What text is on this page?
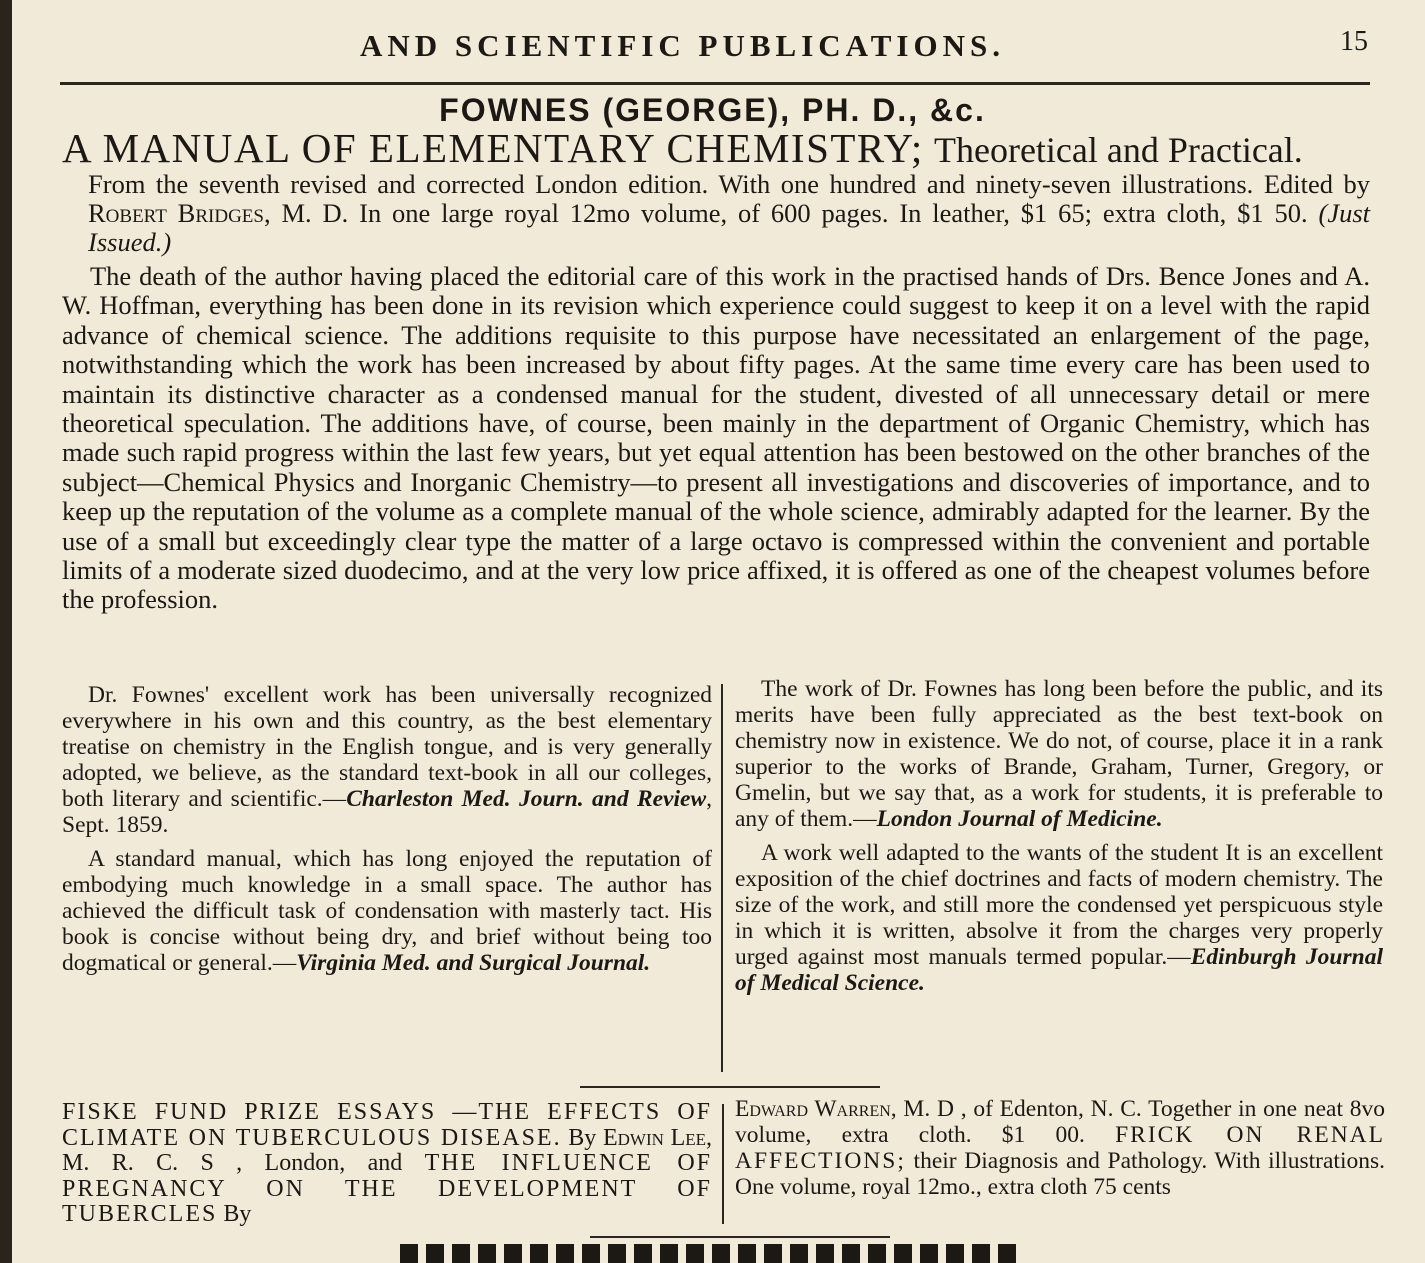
AND SCIENTIFIC PUBLICATIONS.	15
FOWNES (GEORGE), PH. D., &c.
A MANUAL OF ELEMENTARY CHEMISTRY; Theoretical and Practical.
From the seventh revised and corrected London edition. With one hundred and ninety-seven illustrations. Edited by Robert Bridges, M. D. In one large royal 12mo volume, of 600 pages. In leather, $1 65; extra cloth, $1 50. (Just Issued.)

The death of the author having placed the editorial care of this work in the practised hands of Drs. Bence Jones and A. W. Hoffman, everything has been done in its revision which experience could suggest to keep it on a level with the rapid advance of chemical science. The additions requisite to this purpose have necessitated an enlargement of the page, notwithstanding which the work has been increased by about fifty pages. At the same time every care has been used to maintain its distinctive character as a condensed manual for the student, divested of all unnecessary detail or mere theoretical speculation. The additions have, of course, been mainly in the department of Organic Chemistry, which has made such rapid progress within the last few years, but yet equal attention has been bestowed on the other branches of the subject—Chemical Physics and Inorganic Chemistry—to present all investigations and discoveries of importance, and to keep up the reputation of the volume as a complete manual of the whole science, admirably adapted for the learner. By the use of a small but exceedingly clear type the matter of a large octavo is compressed within the convenient and portable limits of a moderate sized duodecimo, and at the very low price affixed, it is offered as one of the cheapest volumes before the profession.

Dr. Fownes' excellent work has been universally recognized everywhere in his own and this country, as the best elementary treatise on chemistry in the English tongue, and is very generally adopted, we believe, as the standard text-book in all our colleges, both literary and scientific.—Charleston Med. Journ. and Review, Sept. 1859.

A standard manual, which has long enjoyed the reputation of embodying much knowledge in a small space. The author has achieved the difficult task of condensation with masterly tact. His book is concise without being dry, and brief without being too dogmatical or general.—Virginia Med. and Surgical Journal.

The work of Dr. Fownes has long been before the public, and its merits have been fully appreciated as the best text-book on chemistry now in existence. We do not, of course, place it in a rank superior to the works of Brande, Graham, Turner, Gregory, or Gmelin, but we say that, as a work for students, it is preferable to any of them.—London Journal of Medicine.

A work well adapted to the wants of the student It is an excellent exposition of the chief doctrines and facts of modern chemistry. The size of the work, and still more the condensed yet perspicuous style in which it is written, absolve it from the charges very properly urged against most manuals termed popular.—Edinburgh Journal of Medical Science.

FISKE FUND PRIZE ESSAYS —THE EFFECTS OF CLIMATE ON TUBERCULOUS DISEASE. By Edwin Lee, M. R. C. S , London, and THE INFLUENCE OF PREGNANCY ON THE DEVELOPMENT OF TUBERCLES By
Edward Warren, M. D , of Edenton, N. C. Together in one neat 8vo volume, extra cloth. $1 00. FRICK ON RENAL AFFECTIONS; their Diagnosis and Pathology. With illustrations. One volume, royal 12mo., extra cloth 75 cents
